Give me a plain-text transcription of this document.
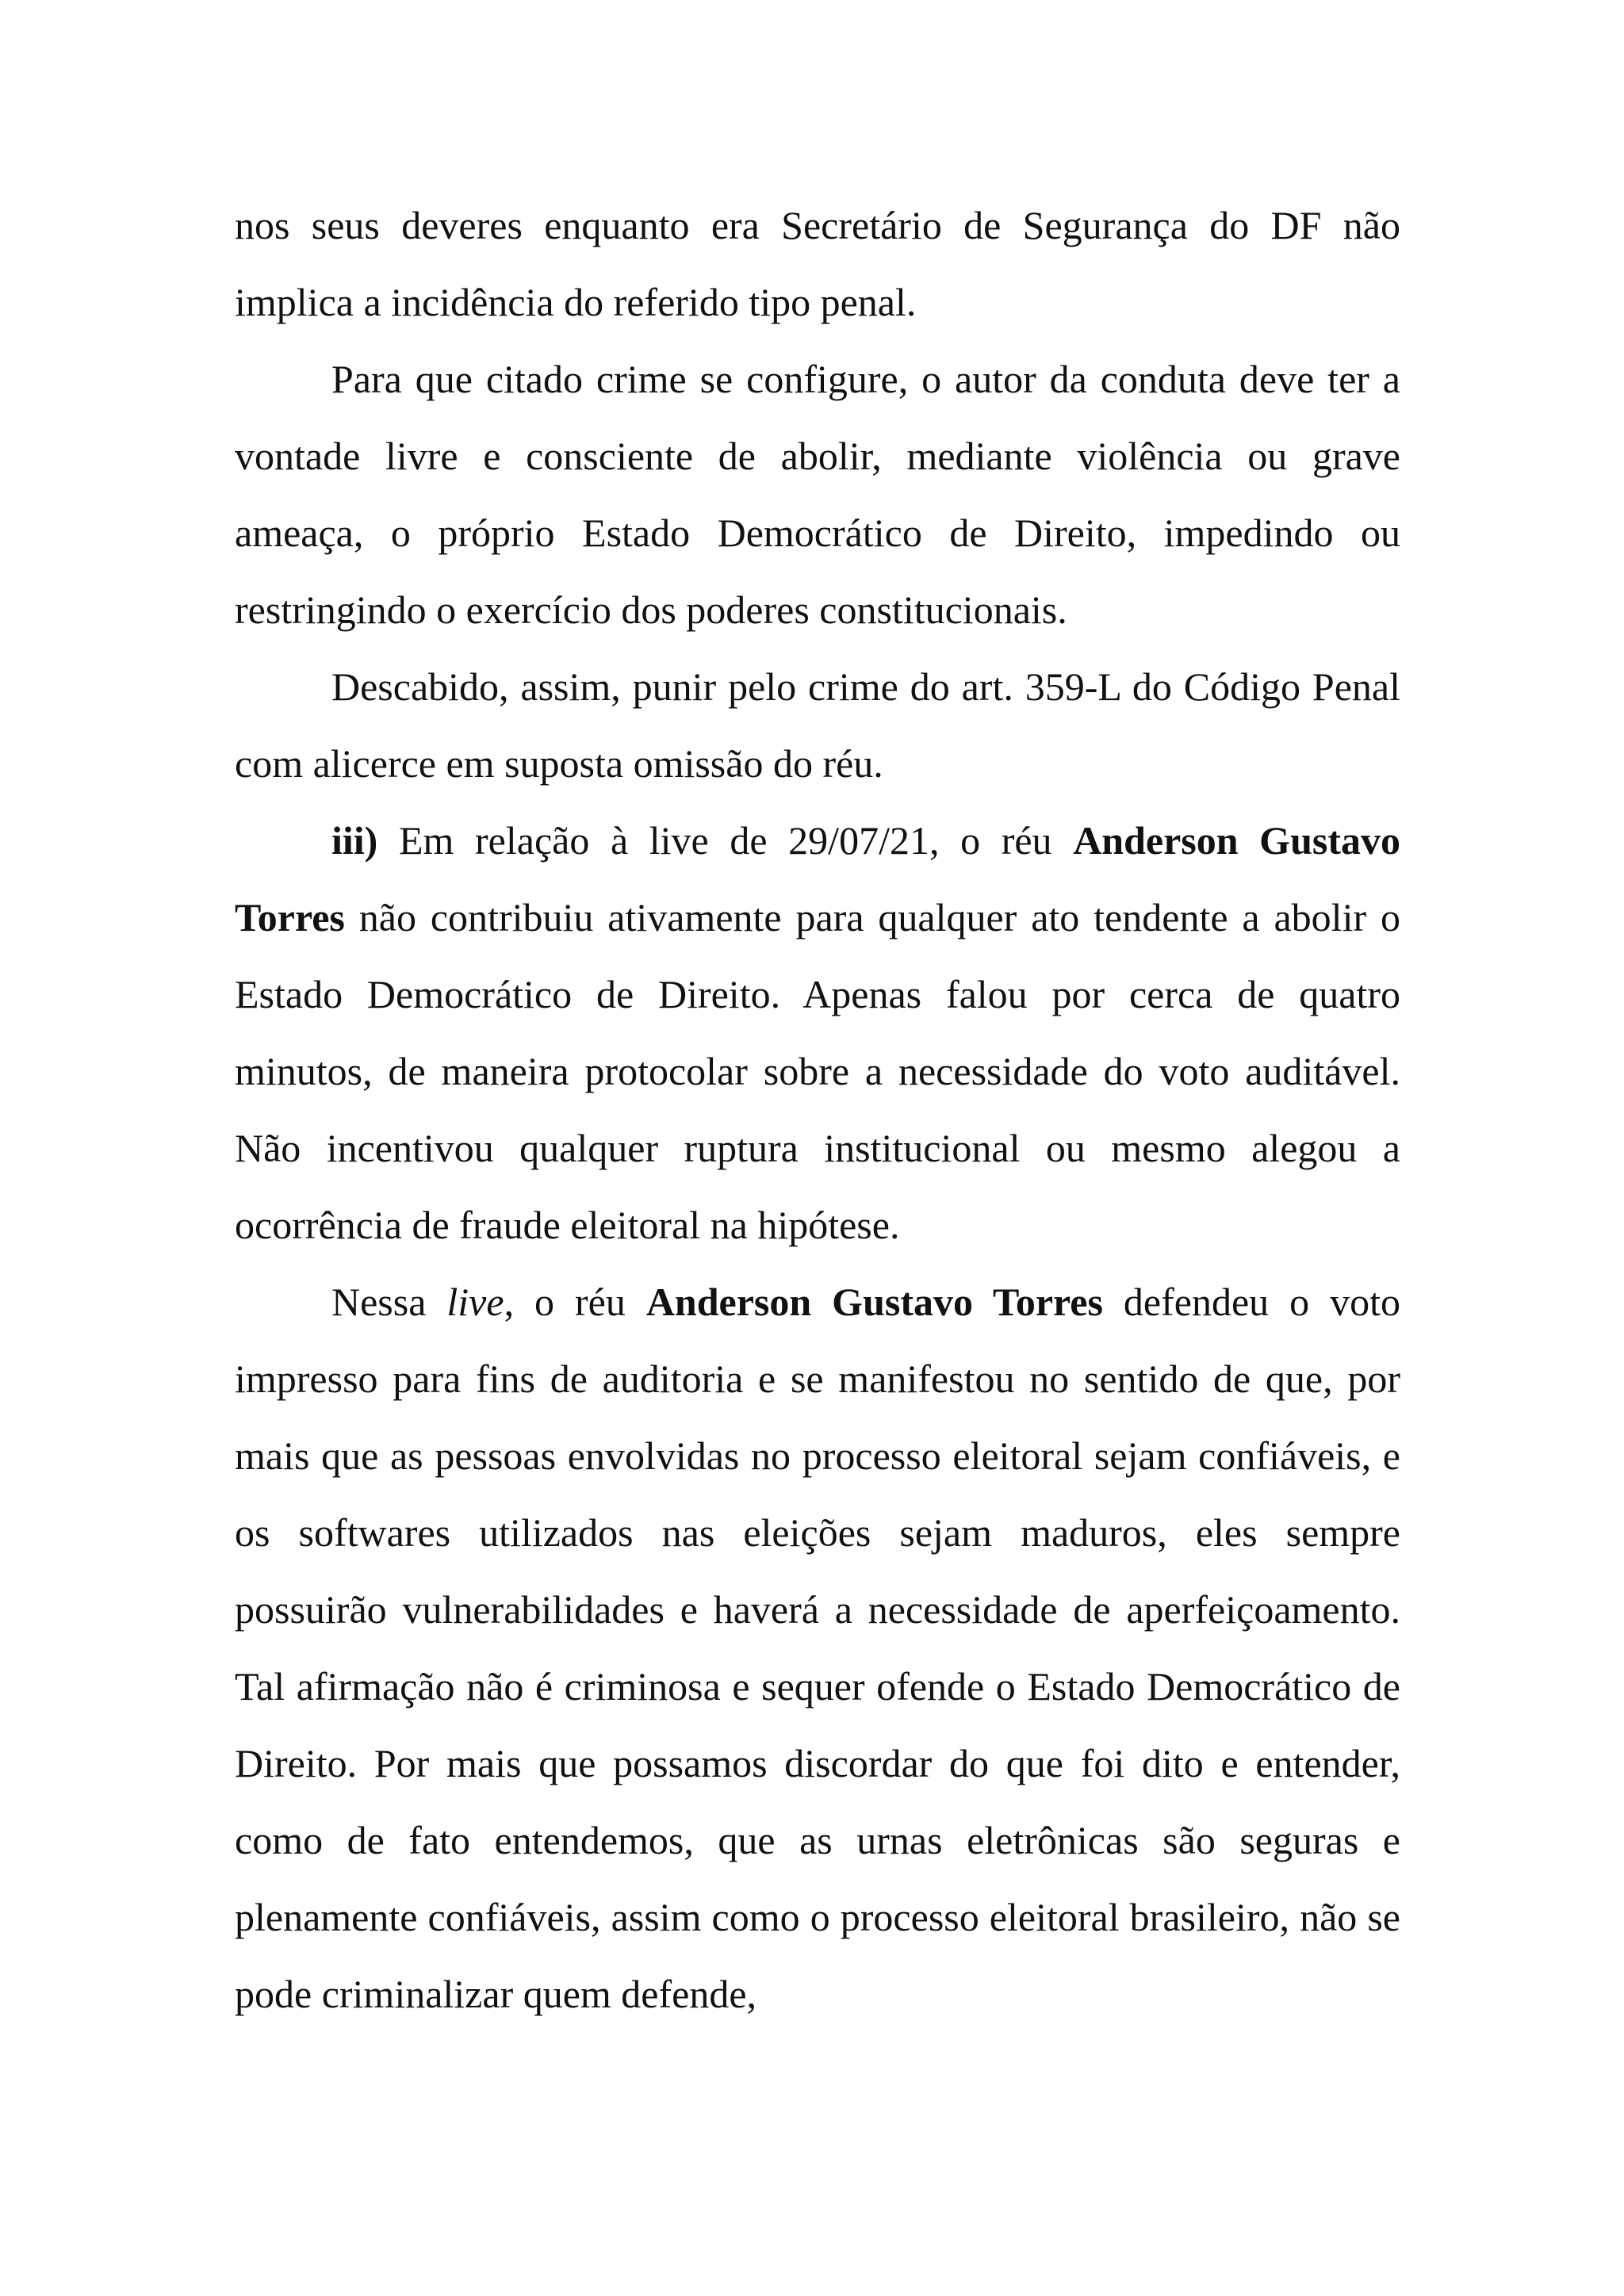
nos seus deveres enquanto era Secretário de Segurança do DF não implica a incidência do referido tipo penal.

Para que citado crime se configure, o autor da conduta deve ter a vontade livre e consciente de abolir, mediante violência ou grave ameaça, o próprio Estado Democrático de Direito, impedindo ou restringindo o exercício dos poderes constitucionais.

Descabido, assim, punir pelo crime do art. 359-L do Código Penal com alicerce em suposta omissão do réu.

iii) Em relação à live de 29/07/21, o réu Anderson Gustavo Torres não contribuiu ativamente para qualquer ato tendente a abolir o Estado Democrático de Direito. Apenas falou por cerca de quatro minutos, de maneira protocolar sobre a necessidade do voto auditável. Não incentivou qualquer ruptura institucional ou mesmo alegou a ocorrência de fraude eleitoral na hipótese.

Nessa live, o réu Anderson Gustavo Torres defendeu o voto impresso para fins de auditoria e se manifestou no sentido de que, por mais que as pessoas envolvidas no processo eleitoral sejam confiáveis, e os softwares utilizados nas eleições sejam maduros, eles sempre possuirão vulnerabilidades e haverá a necessidade de aperfeiçoamento. Tal afirmação não é criminosa e sequer ofende o Estado Democrático de Direito. Por mais que possamos discordar do que foi dito e entender, como de fato entendemos, que as urnas eletrônicas são seguras e plenamente confiáveis, assim como o processo eleitoral brasileiro, não se pode criminalizar quem defende,
